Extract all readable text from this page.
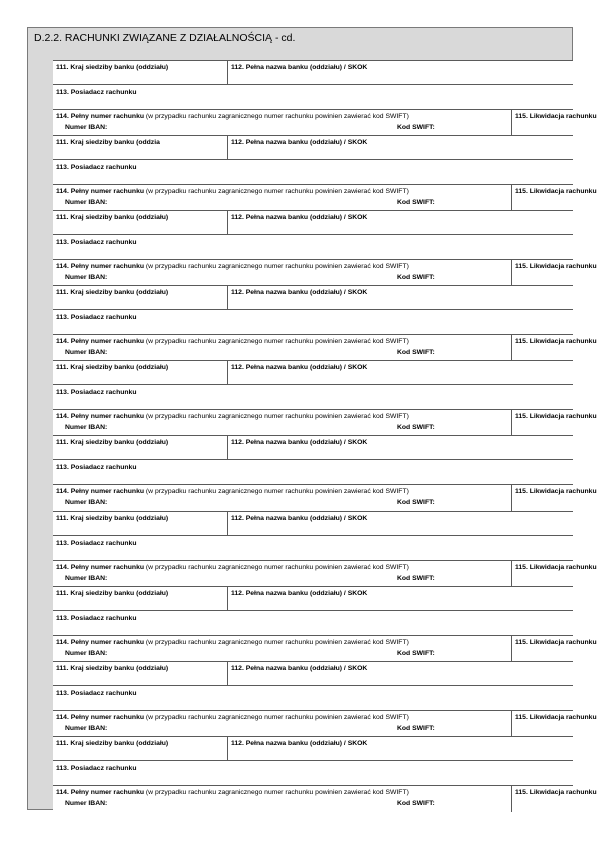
D.2.2. RACHUNKI ZWIĄZANE Z DZIAŁALNOŚCIĄ - cd.
111. Kraj siedziby banku (oddziału)	112. Pełna nazwa banku (oddziału) / SKOK
113. Posiadacz rachunku
114. Pełny numer rachunku (w przypadku rachunku zagranicznego numer rachunku powinien zawierać kod SWIFT)
Numer IBAN:	Kod SWIFT:
115. Likwidacja rachunku
111. Kraj siedziby banku (oddzia	112. Pełna nazwa banku (oddziału) / SKOK
113. Posiadacz rachunku
114. Pełny numer rachunku (w przypadku rachunku zagranicznego numer rachunku powinien zawierać kod SWIFT)
Numer IBAN:	Kod SWIFT:
115. Likwidacja rachunku
111. Kraj siedziby banku (oddziału)	112. Pełna nazwa banku (oddziału) / SKOK
113. Posiadacz rachunku
114. Pełny numer rachunku (w przypadku rachunku zagranicznego numer rachunku powinien zawierać kod SWIFT)
Numer IBAN:	Kod SWIFT:
115. Likwidacja rachunku
111. Kraj siedziby banku (oddziału)	112. Pełna nazwa banku (oddziału) / SKOK
113. Posiadacz rachunku
114. Pełny numer rachunku (w przypadku rachunku zagranicznego numer rachunku powinien zawierać kod SWIFT)
Numer IBAN:	Kod SWIFT:
115. Likwidacja rachunku
111. Kraj siedziby banku (oddziału)	112. Pełna nazwa banku (oddziału) / SKOK
113. Posiadacz rachunku
114. Pełny numer rachunku (w przypadku rachunku zagranicznego numer rachunku powinien zawierać kod SWIFT)
Numer IBAN:	Kod SWIFT:
115. Likwidacja rachunku
111. Kraj siedziby banku (oddziału)	112. Pełna nazwa banku (oddziału) / SKOK
113. Posiadacz rachunku
114. Pełny numer rachunku (w przypadku rachunku zagranicznego numer rachunku powinien zawierać kod SWIFT)
Numer IBAN:	Kod SWIFT:
115. Likwidacja rachunku
111. Kraj siedziby banku (oddziału)	112. Pełna nazwa banku (oddziału) / SKOK
113. Posiadacz rachunku
114. Pełny numer rachunku (w przypadku rachunku zagranicznego numer rachunku powinien zawierać kod SWIFT)
Numer IBAN:	Kod SWIFT:
115. Likwidacja rachunku
111. Kraj siedziby banku (oddziału)	112. Pełna nazwa banku (oddziału) / SKOK
113. Posiadacz rachunku
114. Pełny numer rachunku (w przypadku rachunku zagranicznego numer rachunku powinien zawierać kod SWIFT)
Numer IBAN:	Kod SWIFT:
115. Likwidacja rachunku
111. Kraj siedziby banku (oddziału)	112. Pełna nazwa banku (oddziału) / SKOK
113. Posiadacz rachunku
114. Pełny numer rachunku (w przypadku rachunku zagranicznego numer rachunku powinien zawierać kod SWIFT)
Numer IBAN:	Kod SWIFT:
115. Likwidacja rachunku
111. Kraj siedziby banku (oddziału)	112. Pełna nazwa banku (oddziału) / SKOK
113. Posiadacz rachunku
114. Pełny numer rachunku (w przypadku rachunku zagranicznego numer rachunku powinien zawierać kod SWIFT)
Numer IBAN:	Kod SWIFT:
115. Likwidacja rachunku
